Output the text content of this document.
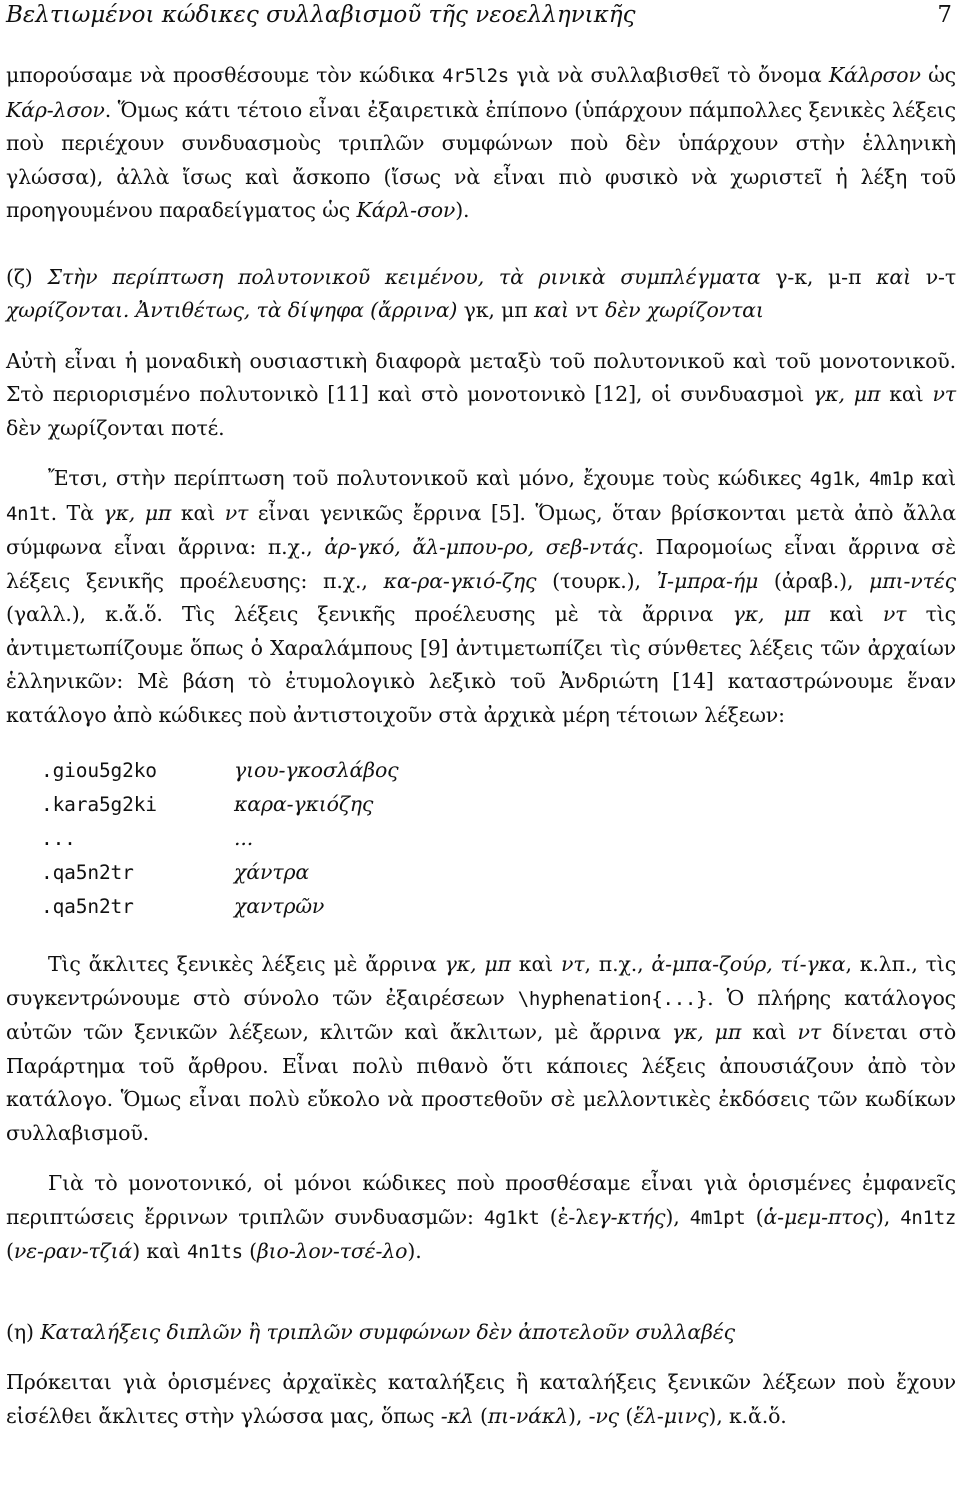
Βελτιωμένοι κώδικες συλλαβισμοῦ τῆς νεοελληνικῆς	7

μπορούσαμε νὰ προσθέσουμε τὸν κώδικα 4r5l2s γιὰ νὰ συλλαβισθεῖ τὸ ὄνομα Κάλρσον ὡς Κάρ-λσον. Ὅμως κάτι τέτοιο εἶναι ἐξαιρετικὰ ἐπίπονο (ὑπάρχουν πάμπολλες ξενικὲς λέξεις ποὺ περιέχουν συνδυασμοὺς τριπλῶν συμφώνων ποὺ δὲν ὑπάρχουν στὴν ἑλληνικὴ γλώσσα), ἀλλὰ ἴσως καὶ ἄσκοπο (ἴσως νὰ εἶναι πιὸ φυσικὸ νὰ χωριστεῖ ἡ λέξη τοῦ προηγουμένου παραδείγματος ὡς Κάρλ-σον).

(ζ) Στὴν περίπτωση πολυτονικοῦ κειμένου, τὰ ρινικὰ συμπλέγματα γ-κ, μ-π καὶ ν-τ χωρίζονται. Ἀντιθέτως, τὰ δίψηφα (ἄρρινα) γκ, μπ καὶ ντ δὲν χωρίζονται

Αὐτὴ εἶναι ἡ μοναδικὴ ουσιαστικὴ διαφορὰ μεταξὺ τοῦ πολυτονικοῦ καὶ τοῦ μονοτονικοῦ. Στὸ περιορισμένο πολυτονικὸ [11] καὶ στὸ μονοτονικὸ [12], οἱ συνδυασμοὶ γκ, μπ καὶ ντ δὲν χωρίζονται ποτέ.

Ἔτσι, στὴν περίπτωση τοῦ πολυτονικοῦ καὶ μόνο, ἔχουμε τοὺς κώδικες 4g1k, 4m1p καὶ 4n1t. Τὰ γκ, μπ καὶ ντ εἶναι γενικῶς ἔρρινα [5]. Ὅμως, ὅταν βρίσκονται μετὰ ἀπὸ ἄλλα σύμφωνα εἶναι ἄρρινα: π.χ., ἀρ-γκό, ἄλ-μπου-ρο, σεβ-ντάς. Παρομοίως εἶναι ἄρρινα σὲ λέξεις ξενικῆς προέλευσης: π.χ., κα-ρα-γκιό-ζης (τουρκ.), Ἰ-μπρα-ήμ (ἀραβ.), μπι-ντές (γαλλ.), κ.ἄ.ὅ. Τὶς λέξεις ξενικῆς προέλευσης μὲ τὰ ἄρρινα γκ, μπ καὶ ντ τὶς ἀντιμετωπίζουμε ὅπως ὁ Χαραλάμπους [9] ἀντιμετωπίζει τὶς σύνθετες λέξεις τῶν ἀρχαίων ἑλληνικῶν: Μὲ βάση τὸ ἐτυμολογικὸ λεξικὸ τοῦ Ἀνδριώτη [14] καταστρώνουμε ἕναν κατάλογο ἀπὸ κώδικες ποὺ ἀντιστοιχοῦν στὰ ἀρχικὰ μέρη τέτοιων λέξεων:

.giou5g2ko	γιου-γκοσλάβος
.kara5g2ki	καρα-γκιόζης
...	...
.qa5n2tr	χάντρα
.qa5n2tr	χαντρῶν

Τὶς ἄκλιτες ξενικὲς λέξεις μὲ ἄρρινα γκ, μπ καὶ ντ, π.χ., ἀ-μπα-ζούρ, τί-γκα, κ.λπ., τὶς συγκεντρώνουμε στὸ σύνολο τῶν ἐξαιρέσεων \hyphenation{...}. Ὁ πλήρης κατάλογος αὐτῶν τῶν ξενικῶν λέξεων, κλιτῶν καὶ ἄκλιτων, μὲ ἄρρινα γκ, μπ καὶ ντ δίνεται στὸ Παράρτημα τοῦ ἄρθρου. Εἶναι πολὺ πιθανὸ ὅτι κάποιες λέξεις ἀπουσιάζουν ἀπὸ τὸν κατάλογο. Ὅμως εἶναι πολὺ εὔκολο νὰ προστεθοῦν σὲ μελλοντικὲς ἐκδόσεις τῶν κωδίκων συλλαβισμοῦ.

Γιὰ τὸ μονοτονικό, οἱ μόνοι κώδικες ποὺ προσθέσαμε εἶναι γιὰ ὁρισμένες ἐμφανεῖς περιπτώσεις ἔρρινων τριπλῶν συνδυασμῶν: 4g1kt (ἐ-λεγ-κτής), 4m1pt (ἁ-μεμ-πτος), 4n1tz (νε-ραν-τζιά) καὶ 4n1ts (βιο-λον-τσέ-λο).

(η) Καταλήξεις διπλῶν ἢ τριπλῶν συμφώνων δὲν ἀποτελοῦν συλλαβές

Πρόκειται γιὰ ὁρισμένες ἀρχαϊκὲς καταλήξεις ἢ καταλήξεις ξενικῶν λέξεων ποὺ ἔχουν εἰσέλθει ἄκλιτες στὴν γλώσσα μας, ὅπως -κλ (πι-νάκλ), -νς (ἕλ-μινς), κ.ἄ.ὅ.
